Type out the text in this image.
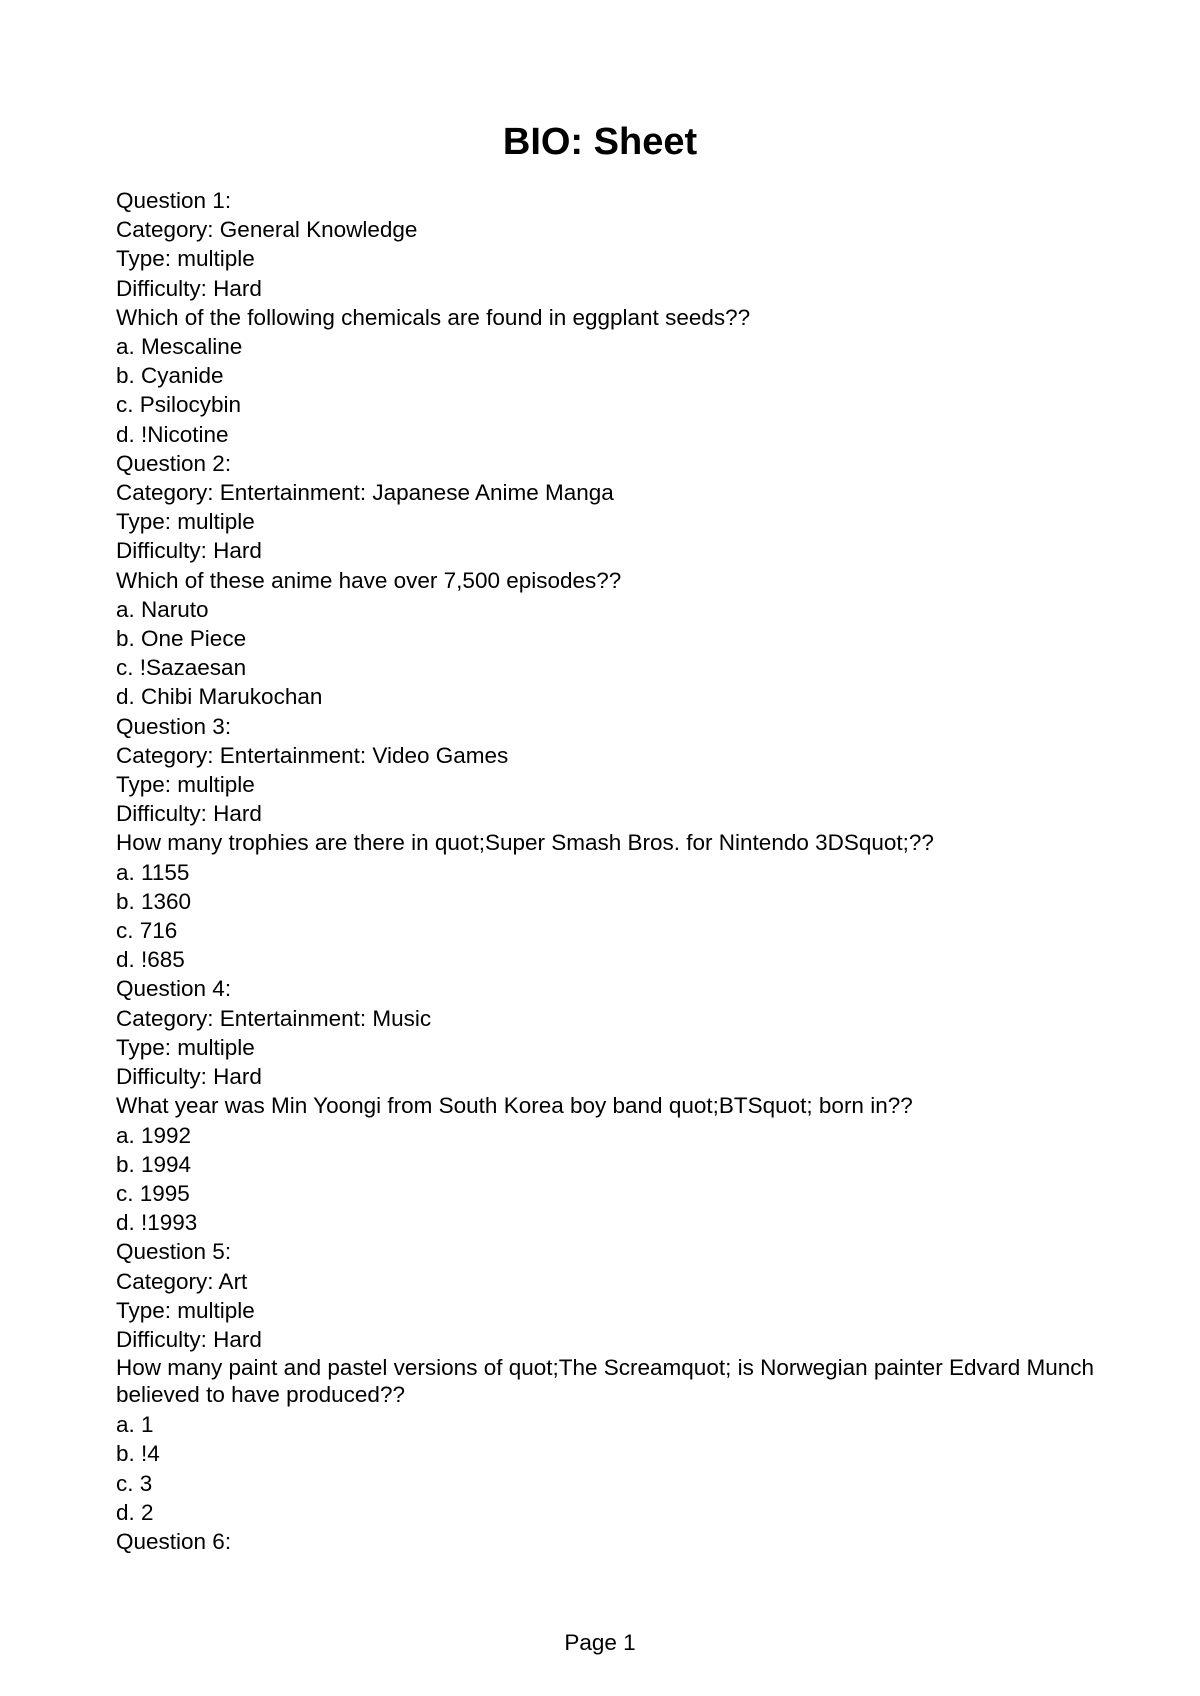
BIO: Sheet
Question 1:
Category: General Knowledge
Type: multiple
Difficulty: Hard
Which of the following chemicals are found in eggplant seeds??
a. Mescaline
b. Cyanide
c. Psilocybin
d. !Nicotine
Question 2:
Category: Entertainment: Japanese Anime Manga
Type: multiple
Difficulty: Hard
Which of these anime have over 7,500 episodes??
a. Naruto
b. One Piece
c. !Sazaesan
d. Chibi Marukochan
Question 3:
Category: Entertainment: Video Games
Type: multiple
Difficulty: Hard
How many trophies are there in quot;Super Smash Bros. for Nintendo 3DSquot;??
a. 1155
b. 1360
c. 716
d. !685
Question 4:
Category: Entertainment: Music
Type: multiple
Difficulty: Hard
What year was Min Yoongi from South Korea boy band quot;BTSquot; born in??
a. 1992
b. 1994
c. 1995
d. !1993
Question 5:
Category: Art
Type: multiple
Difficulty: Hard
How many paint and pastel versions of quot;The Screamquot; is Norwegian painter Edvard Munch believed to have produced??
a. 1
b. !4
c. 3
d. 2
Question 6:
Page 1
